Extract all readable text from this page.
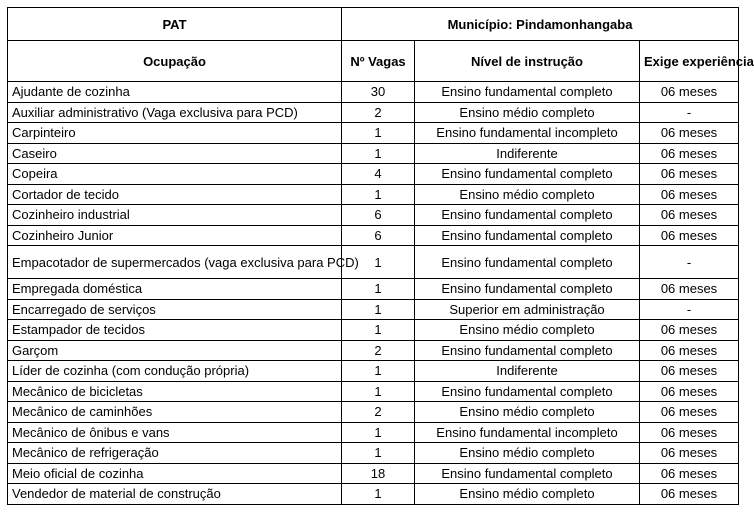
PAT	Município: Pindamonhangaba		
Ocupação	Nº Vagas	Nível de instrução	Exige experiência
Ajudante de cozinha	30	Ensino fundamental completo	06 meses
Auxiliar administrativo (Vaga exclusiva para PCD)	2	Ensino médio completo	-
Carpinteiro	1	Ensino fundamental incompleto	06 meses
Caseiro	1	Indiferente	06 meses
Copeira	4	Ensino fundamental completo	06 meses
Cortador de tecido	1	Ensino médio completo	06 meses
Cozinheiro industrial	6	Ensino fundamental completo	06 meses
Cozinheiro Junior	6	Ensino fundamental completo	06 meses
Empacotador de supermercados (vaga exclusiva para PCD)	1	Ensino fundamental completo	-
Empregada doméstica	1	Ensino fundamental completo	06 meses
Encarregado de serviços	1	Superior em administração	-
Estampador de tecidos	1	Ensino médio completo	06 meses
Garçom	2	Ensino fundamental completo	06 meses
Líder de cozinha (com condução própria)	1	Indiferente	06 meses
Mecânico de bicicletas	1	Ensino fundamental completo	06 meses
Mecânico de caminhões	2	Ensino médio completo	06 meses
Mecânico de ônibus e vans	1	Ensino fundamental incompleto	06 meses
Mecânico de refrigeração	1	Ensino médio completo	06 meses
Meio oficial de cozinha	18	Ensino fundamental completo	06 meses
Vendedor de material de construção	1	Ensino médio completo	06 meses
